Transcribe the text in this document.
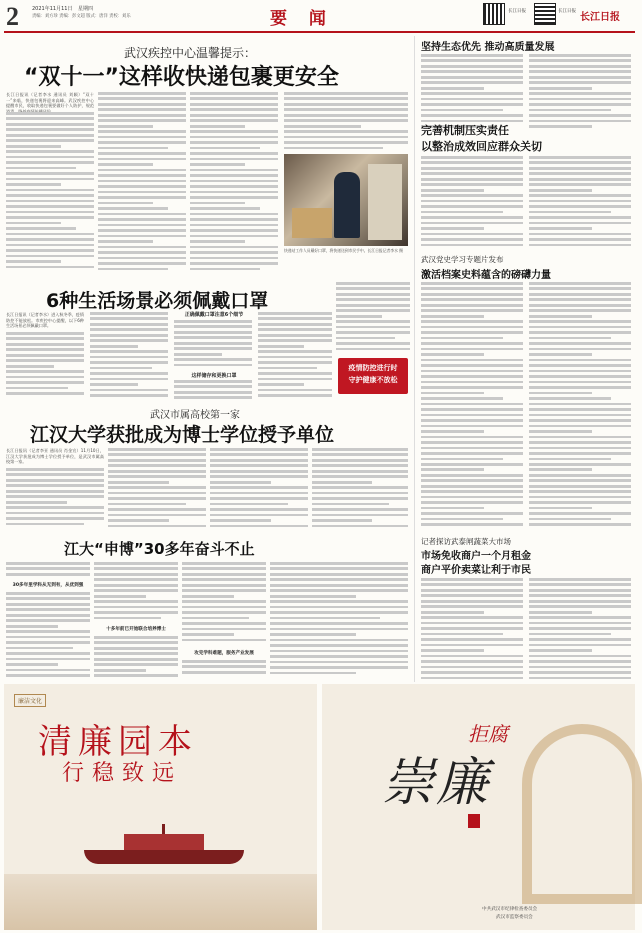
2	2021年11月11日 星期四
责编：刘方珍 责编：彭文超 版式：唐洋 责校：刘乐	要 闻	长江日报	长江日报
长江日报
武汉疾控中心温馨提示：
“双十一”这样收快递包裹更安全
长江日报讯（记者李水 通讯员 刘颖）“双十一”来临，快递包裹将迎来高峰。武汉疾控中心提醒市民，收取快递包裹要做好个人防护，规范
快递站工作人员戴好口罩，将快递送到市民手中。长江日报记者李水 摄
6种生活场景必须佩戴口罩
长江日报讯（记者李水）进入秋冬季，疫情防控不能放松。市疾控中心提醒，以下6种生活场景必须佩戴口罩。
正确佩戴口罩注意6个细节
这样储存和更换口罩
疫情防控进行时
守护健康不放松
武汉市属高校第一家
江汉大学获批成为博士学位授予单位
长江日报讯（记者李亚 通讯员 肖金宣）11月10日，江汉大学获批成为博士学位授予单位，是武汉市属高校第一家。
江大“申博”30多年奋斗不止
30多年里学科从无到有，从优到强
十多年前已开始联合培养博士
攻克学科难题，服务产业发展
坚持生态优先 推动高质量发展
完善机制压实责任
以整治成效回应群众关切
武汉党史学习专题片发布
激活档案史料蕴含的磅礴力量
记者探访武泰闸蔬菜大市场
市场免收商户一个月租金
商户平价卖菜让利于市民
廉洁文化
清廉园本
行稳致远
拒腐
崇廉
中共武汉市纪律检查委员会
武汉市监察委员会
